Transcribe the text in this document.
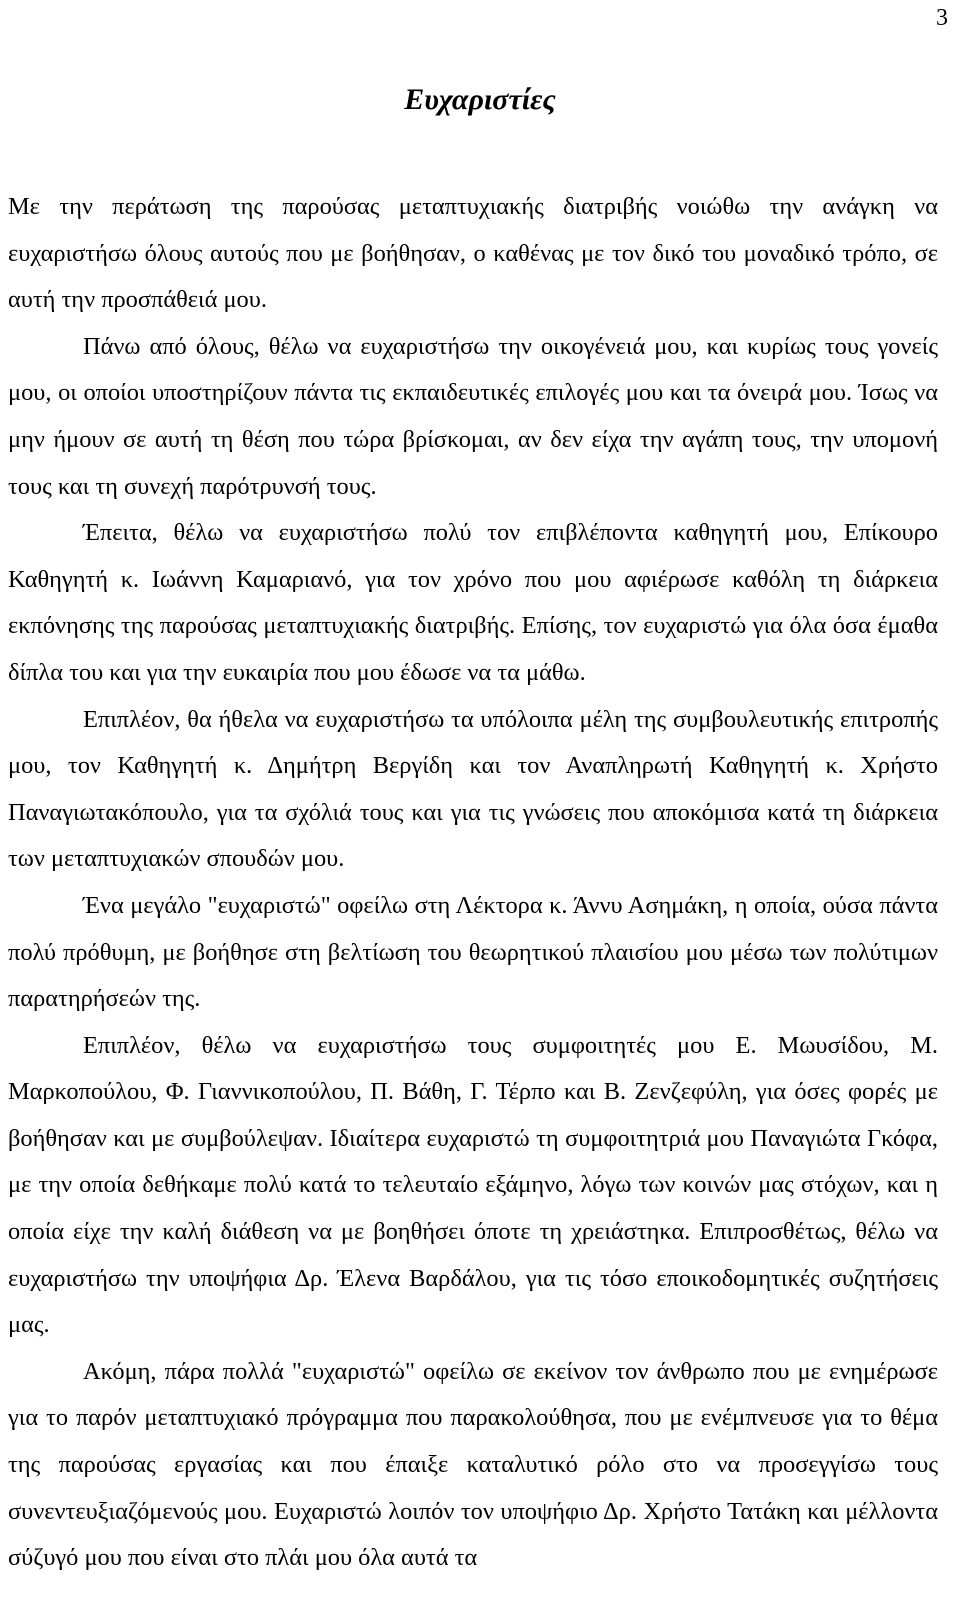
3
Ευχαριστίες

Με την περάτωση της παρούσας μεταπτυχιακής διατριβής νοιώθω την ανάγκη να ευχαριστήσω όλους αυτούς που με βοήθησαν, ο καθένας με τον δικό του μοναδικό τρόπο, σε αυτή την προσπάθειά μου.

Πάνω από όλους, θέλω να ευχαριστήσω την οικογένειά μου, και κυρίως τους γονείς μου, οι οποίοι υποστηρίζουν πάντα τις εκπαιδευτικές επιλογές μου και τα όνειρά μου. Ίσως να μην ήμουν σε αυτή τη θέση που τώρα βρίσκομαι, αν δεν είχα την αγάπη τους, την υπομονή τους και τη συνεχή παρότρυνσή τους.

Έπειτα, θέλω να ευχαριστήσω πολύ τον επιβλέποντα καθηγητή μου, Επίκουρο Καθηγητή κ. Ιωάννη Καμαριανό, για τον χρόνο που μου αφιέρωσε καθόλη τη διάρκεια εκπόνησης της παρούσας μεταπτυχιακής διατριβής. Επίσης, τον ευχαριστώ για όλα όσα έμαθα δίπλα του και για την ευκαιρία που μου έδωσε να τα μάθω.

Επιπλέον, θα ήθελα να ευχαριστήσω τα υπόλοιπα μέλη της συμβουλευτικής επιτροπής μου, τον Καθηγητή κ. Δημήτρη Βεργίδη και τον Αναπληρωτή Καθηγητή κ. Χρήστο Παναγιωτακόπουλο, για τα σχόλιά τους και για τις γνώσεις που αποκόμισα κατά τη διάρκεια των μεταπτυχιακών σπουδών μου.

Ένα μεγάλο "ευχαριστώ" οφείλω στη Λέκτορα κ. Άννυ Ασημάκη, η οποία, ούσα πάντα πολύ πρόθυμη, με βοήθησε στη βελτίωση του θεωρητικού πλαισίου μου μέσω των πολύτιμων παρατηρήσεών της.

Επιπλέον, θέλω να ευχαριστήσω τους συμφοιτητές μου Ε. Μωυσίδου, Μ. Μαρκοπούλου, Φ. Γιαννικοπούλου, Π. Βάθη, Γ. Τέρπο και Β. Ζενζεφύλη, για όσες φορές με βοήθησαν και με συμβούλεψαν. Ιδιαίτερα ευχαριστώ τη συμφοιτητριά μου Παναγιώτα Γκόφα, με την οποία δεθήκαμε πολύ κατά το τελευταίο εξάμηνο, λόγω των κοινών μας στόχων, και η οποία είχε την καλή διάθεση να με βοηθήσει όποτε τη χρειάστηκα. Επιπροσθέτως, θέλω να ευχαριστήσω την υποψήφια Δρ. Έλενα Βαρδάλου, για τις τόσο εποικοδομητικές συζητήσεις μας.

Ακόμη, πάρα πολλά "ευχαριστώ" οφείλω σε εκείνον τον άνθρωπο που με ενημέρωσε για το παρόν μεταπτυχιακό πρόγραμμα που παρακολούθησα, που με ενέμπνευσε για το θέμα της παρούσας εργασίας και που έπαιξε καταλυτικό ρόλο στο να προσεγγίσω τους συνεντευξιαζόμενούς μου. Ευχαριστώ λοιπόν τον υποψήφιο Δρ. Χρήστο Τατάκη και μέλλοντα σύζυγό μου που είναι στο πλάι μου όλα αυτά τα
